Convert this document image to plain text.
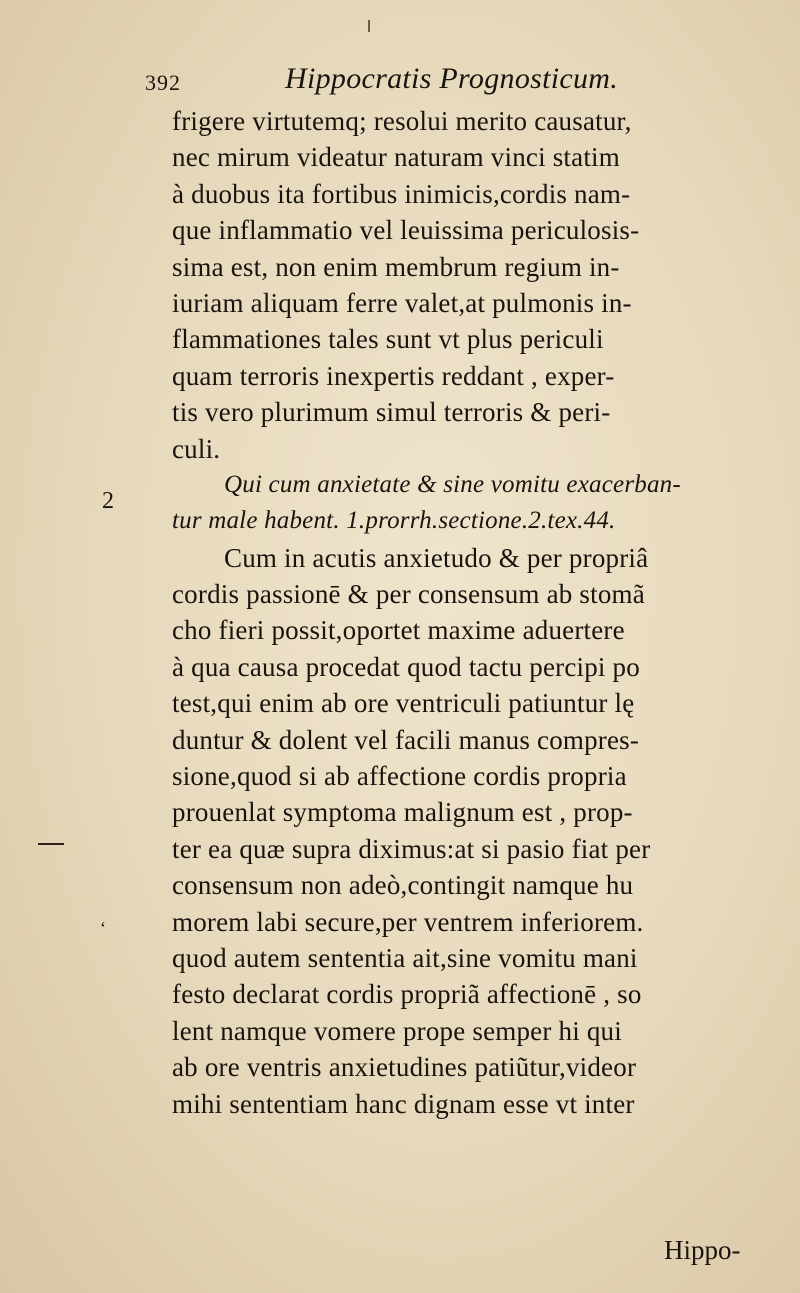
392	Hippocratis Prognosticum.
2
‘
frigere virtutemq; resolui merito causatur,
nec mirum videatur naturam vinci statim
à duobus ita fortibus inimicis,cordis nam-
que inflammatio vel leuissima periculosis-
sima est, non enim membrum regium in-
iuriam aliquam ferre valet,at pulmonis in-
flammationes tales sunt vt plus periculi
quam terroris inexpertis reddant , exper-
tis vero plurimum simul terroris & peri-
culi.
Qui cum anxietate & sine vomitu exacerban-
tur male habent. 1.prorrh.sectione.2.tex.44.
Cum in acutis anxietudo & per propriâ
cordis passionē & per consensum ab stomã
cho fieri possit,oportet maxime aduertere
à qua causa procedat quod tactu percipi po
test,qui enim ab ore ventriculi patiuntur lę
duntur & dolent vel facili manus compres-
sione,quod si ab affectione cordis propria
prouenlat symptoma malignum est , prop-
ter ea quæ supra diximus:at si pasio fiat per
consensum non adeò,contingit namque hu
morem labi secure,per ventrem inferiorem.
quod autem sententia ait,sine vomitu mani
festo declarat cordis propriã affectionē , so
lent namque vomere prope semper hi qui
ab ore ventris anxietudines patiũtur,videor
mihi sententiam hanc dignam esse vt inter
Hippo-
